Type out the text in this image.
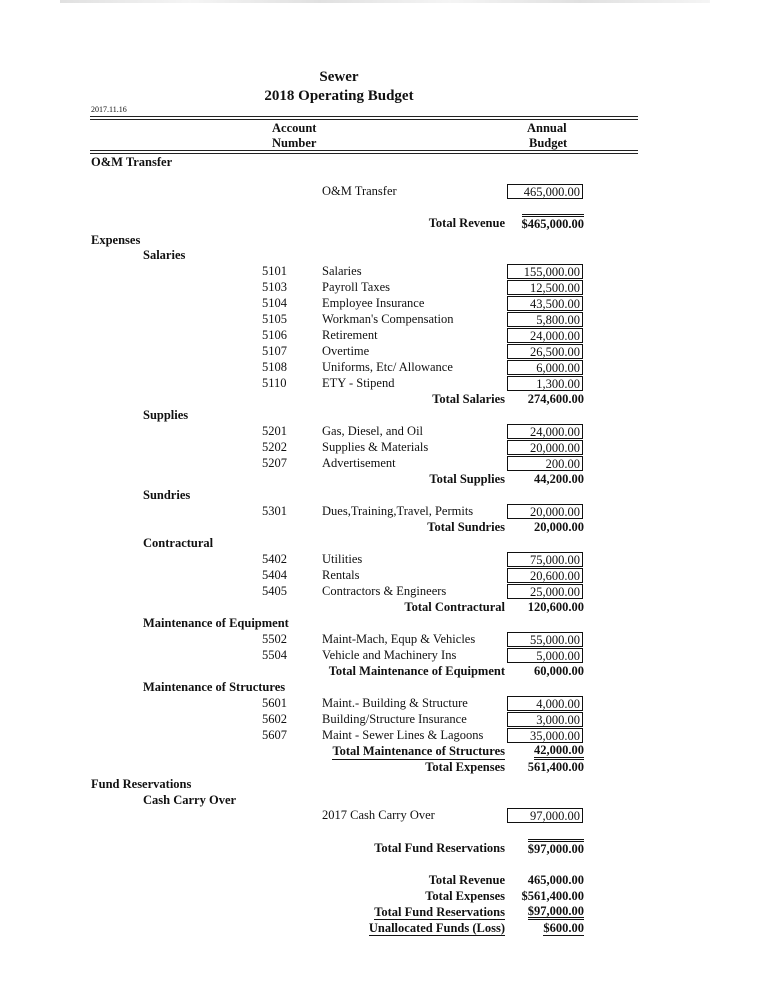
Sewer
2018 Operating Budget
2017.11.16
Account
Number
Annual
Budget
O&M Transfer
O&M Transfer	465,000.00
Total Revenue $465,000.00
Expenses
Salaries
5101	Salaries	155,000.00
5103	Payroll Taxes	12,500.00
5104	Employee Insurance	43,500.00
5105	Workman's Compensation	5,800.00
5106	Retirement	24,000.00
5107	Overtime	26,500.00
5108	Uniforms, Etc/ Allowance	6,000.00
5110	ETY - Stipend	1,300.00
Total Salaries 274,600.00
Supplies
5201	Gas, Diesel, and Oil	24,000.00
5202	Supplies & Materials	20,000.00
5207	Advertisement	200.00
Total Supplies 44,200.00
Sundries
5301	Dues,Training,Travel, Permits	20,000.00
Total Sundries 20,000.00
Contractural
5402	Utilities	75,000.00
5404	Rentals	20,600.00
5405	Contractors & Engineers	25,000.00
Total Contractural 120,600.00
Maintenance of Equipment
5502	Maint-Mach, Equp & Vehicles	55,000.00
5504	Vehicle and Machinery Ins	5,000.00
Total Maintenance of Equipment 60,000.00
Maintenance of Structures
5601	Maint.- Building & Structure	4,000.00
5602	Building/Structure Insurance	3,000.00
5607	Maint - Sewer Lines & Lagoons	35,000.00
Total Maintenance of Structures 42,000.00
Total Expenses 561,400.00
Fund Reservations
Cash Carry Over
2017 Cash Carry Over	97,000.00
Total Fund Reservations $97,000.00
Total Revenue 465,000.00
Total Expenses $561,400.00
Total Fund Reservations $97,000.00
Unallocated Funds (Loss)	$600.00
